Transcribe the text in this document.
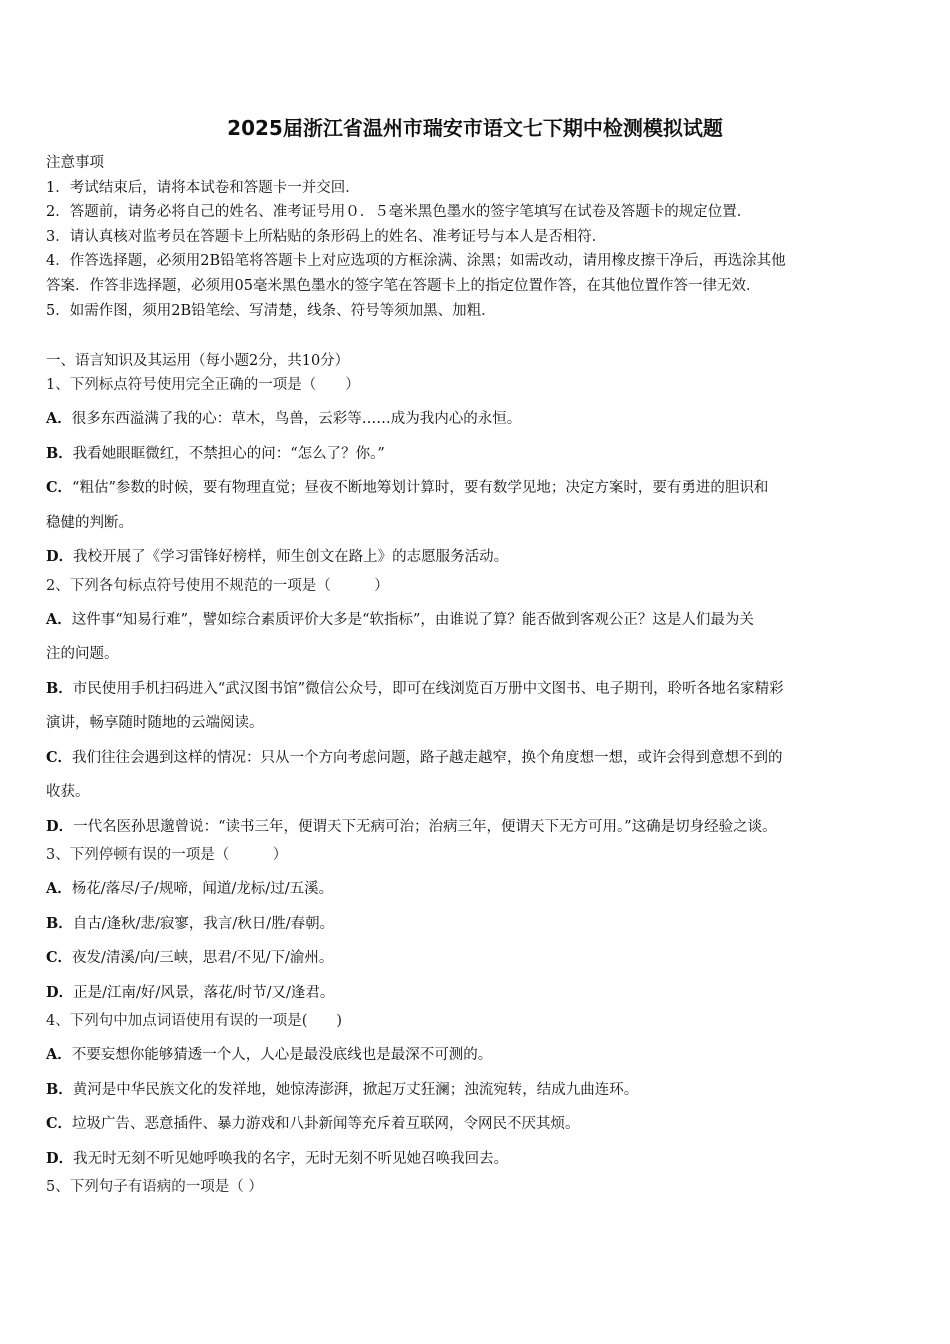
2025届浙江省温州市瑞安市语文七下期中检测模拟试题

注意事项

1．考试结束后，请将本试卷和答题卡一并交回．

2．答题前，请务必将自己的姓名、准考证号用０．５毫米黑色墨水的签字笔填写在试卷及答题卡的规定位置．

3．请认真核对监考员在答题卡上所粘贴的条形码上的姓名、准考证号与本人是否相符．

4．作答选择题，必须用2B铅笔将答题卡上对应选项的方框涂满、涂黑；如需改动，请用橡皮擦干净后，再选涂其他

答案．作答非选择题，必须用05毫米黑色墨水的签字笔在答题卡上的指定位置作答，在其他位置作答一律无效．

5．如需作图，须用2B铅笔绘、写清楚，线条、符号等须加黑、加粗．

一、语言知识及其运用（每小题2分，共10分）

1、下列标点符号使用完全正确的一项是（　　）

A．很多东西溢满了我的心：草木，鸟兽，云彩等……成为我内心的永恒。

B．我看她眼眶微红，不禁担心的问：“怎么了？你。”

C．“粗估”参数的时候，要有物理直觉；昼夜不断地筹划计算时，要有数学见地；决定方案时，要有勇进的胆识和

稳健的判断。

D．我校开展了《学习雷锋好榜样，师生创文在路上》的志愿服务活动。

2、下列各句标点符号使用不规范的一项是（　　　）

A．这件事“知易行难”，譬如综合素质评价大多是“软指标”，由谁说了算？能否做到客观公正？这是人们最为关

注的问题。

B．市民使用手机扫码进入“武汉图书馆”微信公众号，即可在线浏览百万册中文图书、电子期刊，聆听各地名家精彩

演讲，畅享随时随地的云端阅读。

C．我们往往会遇到这样的情况：只从一个方向考虑问题，路子越走越窄，换个角度想一想，或许会得到意想不到的

收获。

D．一代名医孙思邈曾说：“读书三年，便谓天下无病可治；治病三年，便谓天下无方可用。”这确是切身经验之谈。

3、下列停顿有误的一项是（　　　）

A．杨花/落尽/子/规啼，闻道/龙标/过/五溪。

B．自古/逢秋/悲/寂寥，我言/秋日/胜/春朝。

C．夜发/清溪/向/三峡，思君/不见/下/渝州。

D．正是/江南/好/风景，落花/时节/又/逢君。

4、下列句中加点词语使用有误的一项是(　　)

A．不要妄想你能够猜透一个人，人心是最没底线也是最深不可测的。

B．黄河是中华民族文化的发祥地，她惊涛澎湃，掀起万丈狂澜；浊流宛转，结成九曲连环。

C．垃圾广告、恶意插件、暴力游戏和八卦新闻等充斥着互联网，令网民不厌其烦。

D．我无时无刻不听见她呼唤我的名字，无时无刻不听见她召唤我回去。

5、下列句子有语病的一项是（ ）
